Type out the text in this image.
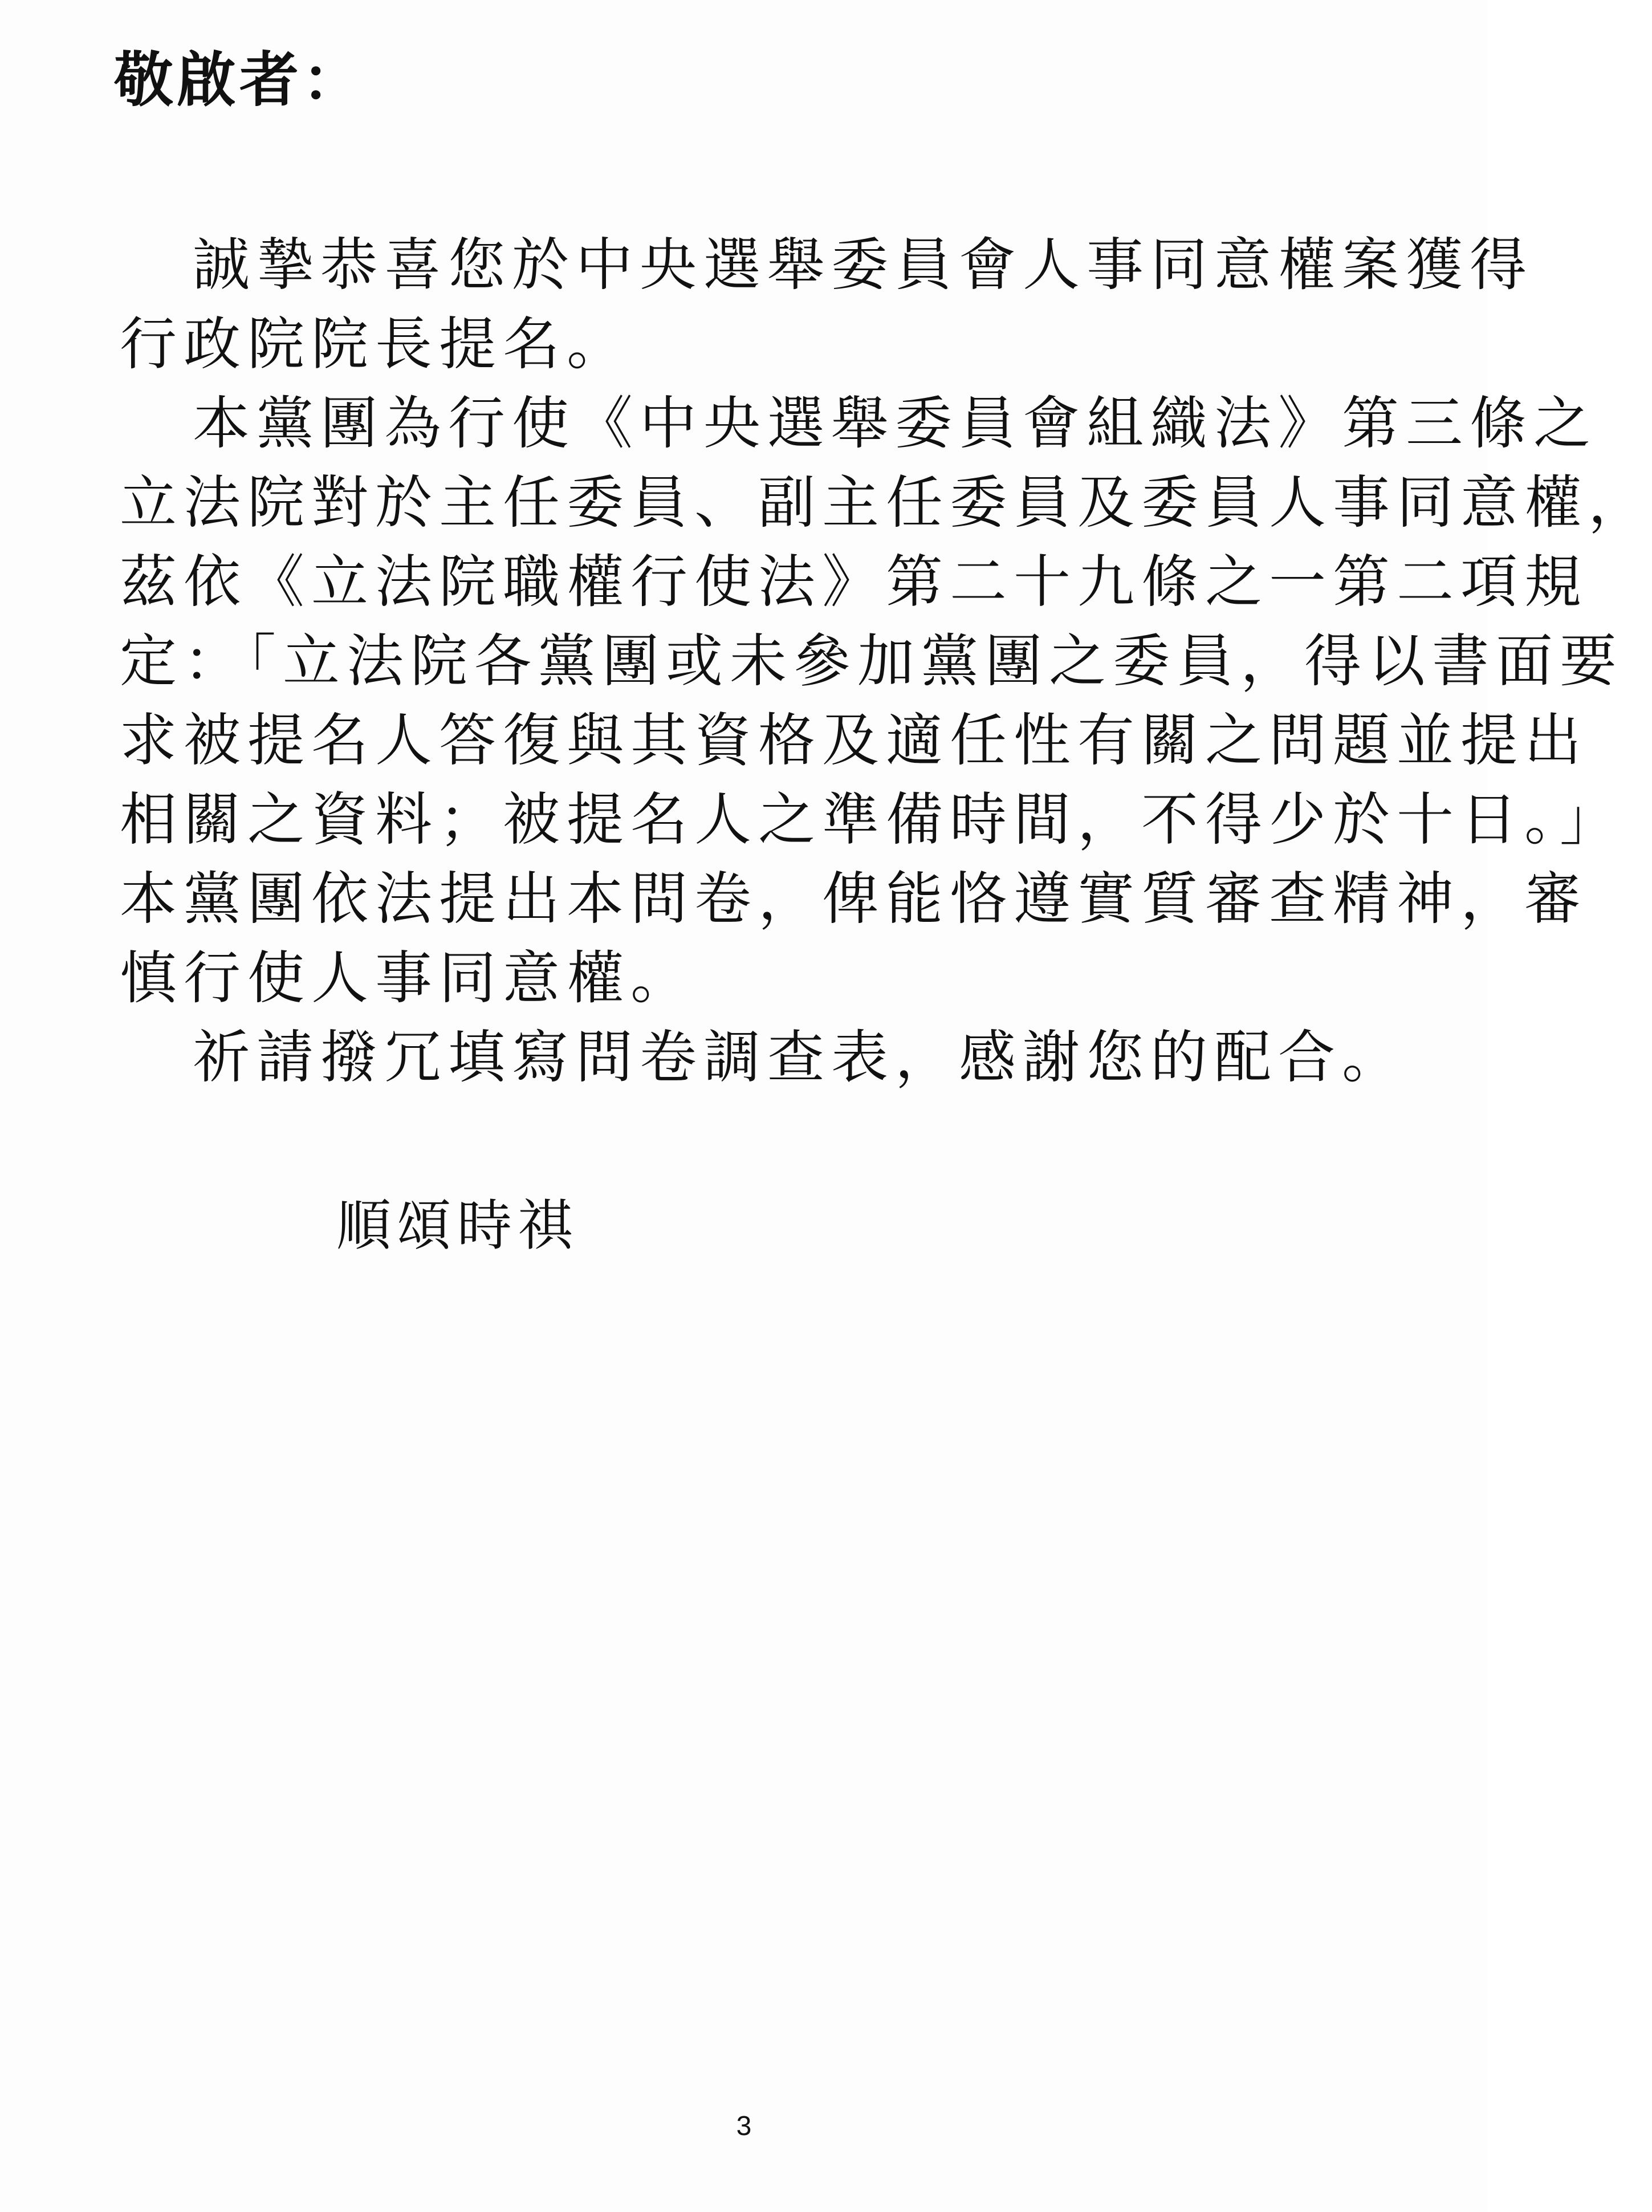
敬啟者：
誠摯恭喜您於中央選舉委員會人事同意權案獲得
行政院院長提名。
本黨團為行使《中央選舉委員會組織法》第三條之
立法院對於主任委員、副主任委員及委員人事同意權，
茲依《立法院職權行使法》第二十九條之一第二項規
定：「立法院各黨團或未參加黨團之委員，得以書面要
求被提名人答復與其資格及適任性有關之問題並提出
相關之資料；被提名人之準備時間，不得少於十日。」
本黨團依法提出本問卷，俾能恪遵實質審查精神，審
慎行使人事同意權。
祈請撥冗填寫問卷調查表，感謝您的配合。
順頌時祺
3
